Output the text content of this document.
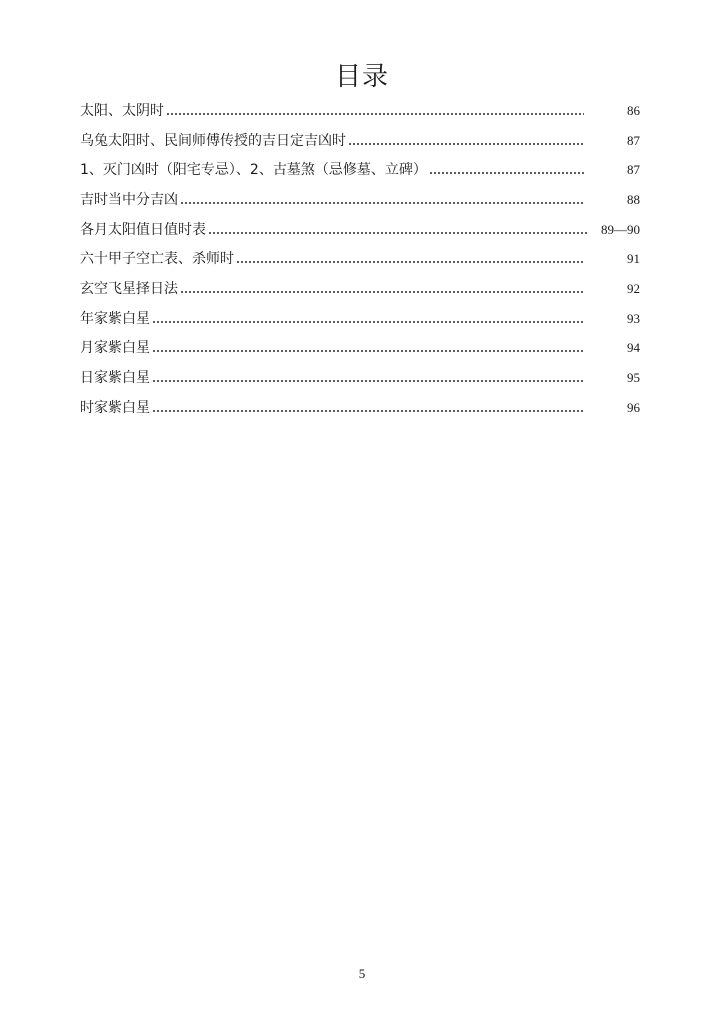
目录
太阳、太阴时	86
乌兔太阳时、民间师傅传授的吉日定吉凶时	87
1、灭门凶时（阳宅专忌）、2、古墓煞（忌修墓、立碑）	87
吉时当中分吉凶	88
各月太阳值日值时表	89—90
六十甲子空亡表、杀师时	91
玄空飞星择日法	92
年家紫白星	93
月家紫白星	94
日家紫白星	95
时家紫白星	96
5
